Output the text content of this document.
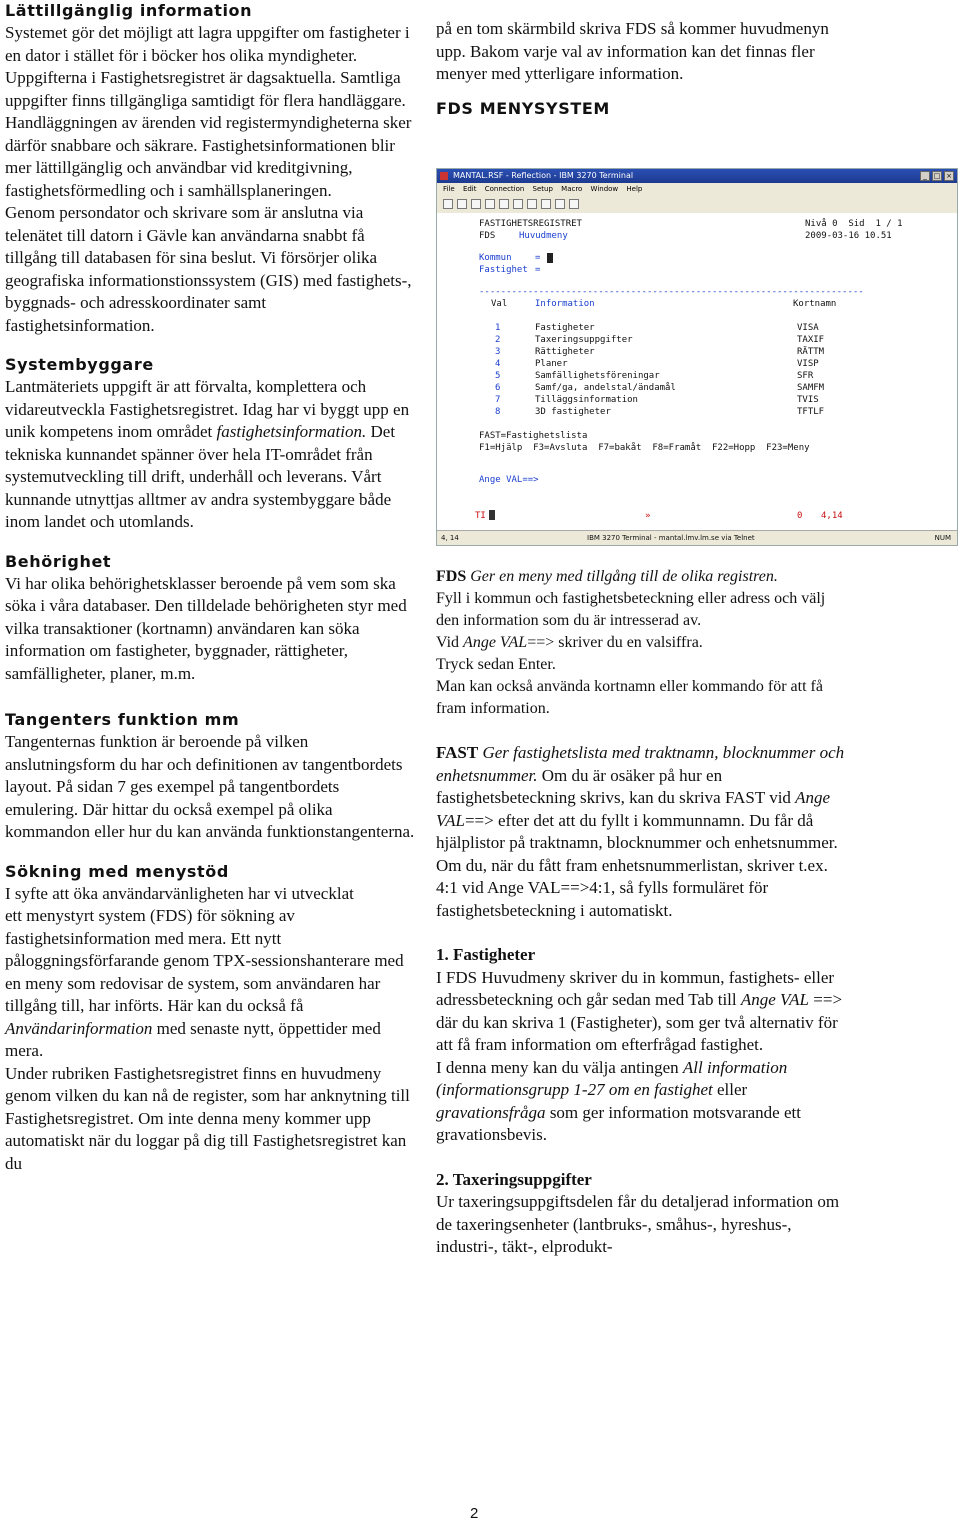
Lättillgänglig information

Systemet gör det möjligt att lagra uppgifter om fastigheter i en dator i stället för i böcker hos olika myndigheter. Uppgifterna i Fastighetsregistret är dagsaktuella. Samtliga uppgifter finns tillgängliga samtidigt för flera handläggare. Handläggningen av ärenden vid registermyndigheterna sker därför snabbare och säkrare. Fastighetsinformationen blir mer lättillgänglig och användbar vid kreditgivning, fastighetsförmedling och i samhällsplaneringen.

Genom persondator och skrivare som är anslutna via telenätet till datorn i Gävle kan användarna snabbt få tillgång till databasen för sina beslut. Vi försörjer olika geografiska informationstionssystem (GIS) med fastighets-, byggnads- och adresskoordinater samt fastighetsinformation.

Systembyggare

Lantmäteriets uppgift är att förvalta, komplettera och vidareutveckla Fastighetsregistret. Idag har vi byggt upp en unik kompetens inom området fastighetsinformation. Det tekniska kunnandet spänner över hela IT-området från systemutveckling till drift, underhåll och leverans. Vårt kunnande utnyttjas alltmer av andra systembyggare både inom landet och utomlands.

Behörighet

Vi har olika behörighetsklasser beroende på vem som ska söka i våra databaser. Den tilldelade behörigheten styr med vilka transaktioner (kortnamn) användaren kan söka information om fastigheter, byggnader, rättigheter, samfälligheter, planer, m.m.

Tangenters funktion mm

Tangenternas funktion är beroende på vilken anslutningsform du har och definitionen av tangentbordets layout. På sidan 7 ges exempel på tangentbordets emulering. Där hittar du också exempel på olika kommandon eller hur du kan använda funktionstangenterna.

Sökning med menystöd

I syfte att öka användarvänligheten har vi utvecklat

ett menystyrt system (FDS) för sökning av fastighetsinformation med mera. Ett nytt påloggningsförfarande genom TPX-sessionshanterare med en meny som redovisar de system, som användaren har tillgång till, har införts. Här kan du också få Användarinformation med senaste nytt, öppettider med mera.

Under rubriken Fastighetsregistret finns en huvudmeny genom vilken du kan nå de register, som har anknytning till Fastighetsregistret. Om inte denna meny kommer upp automatiskt när du loggar på dig till Fastighetsregistret kan du

på en tom skärmbild skriva FDS så kommer huvudmenyn upp. Bakom varje val av information kan det finnas fler menyer med ytterligare information.

FDS MENYSYSTEM
MANTAL.RSF - Reflection - IBM 3270 Terminal	_ □ ×
File Edit Connection Setup Macro Window Help
FASTIGHETSREGISTRET	Nivå 0  Sid  1 / 1
FDS	Huvudmeny	2009-03-16 10.51
Kommun	=
Fastighet =
-----------------------------------------------------------------------
Val	Information	Kortnamn
1	Fastigheter	VISA
2	Taxeringsuppgifter	TAXIF
3	Rättigheter	RÄTTM
4	Planer	VISP
5	Samfällighetsföreningar	SFR
6	Samf/ga, andelstal/ändamål	SAMFM
7	Tilläggsinformation	TVIS
8	3D fastigheter	TFTLF
FAST=Fastighetslista
F1=Hjälp  F3=Avsluta  F7=bakåt  F8=Framåt  F22=Hopp  F23=Meny
Ange VAL==>
TI	»	0 4,14
4, 14	IBM 3270 Terminal - mantal.lmv.lm.se via Telnet	NUM

FDS Ger en meny med tillgång till de olika registren.

Fyll i kommun och fastighetsbeteckning eller adress och välj den information som du är intresserad av.

Vid Ange VAL==> skriver du en valsiffra.

Tryck sedan Enter.

Man kan också använda kortnamn eller kommando för att få fram information.

FAST Ger fastighetslista med traktnamn, blocknummer och enhetsnummer. Om du är osäker på hur en fastighetsbeteckning skrivs, kan du skriva FAST vid Ange VAL==> efter det att du fyllt i kommunnamn. Du får då hjälplistor på traktnamn, blocknummer och enhetsnummer.

Om du, när du fått fram enhetsnummerlistan, skriver t.ex. 4:1 vid Ange VAL==>4:1, så fylls formuläret för fastighetsbeteckning i automatiskt.

1. Fastigheter

I FDS Huvudmeny skriver du in kommun, fastighets- eller adressbeteckning och går sedan med Tab till Ange VAL ==> där du kan skriva 1 (Fastigheter), som ger två alternativ för att få fram information om efterfrågad fastighet.

I denna meny kan du välja antingen All information (informationsgrupp 1-27 om en fastighet eller gravationsfråga som ger information motsvarande ett gravationsbevis.

2. Taxeringsuppgifter

Ur taxeringsuppgiftsdelen får du detaljerad information om de taxeringsenheter (lantbruks-, småhus-, hyreshus-, industri-, täkt-, elprodukt-

2
